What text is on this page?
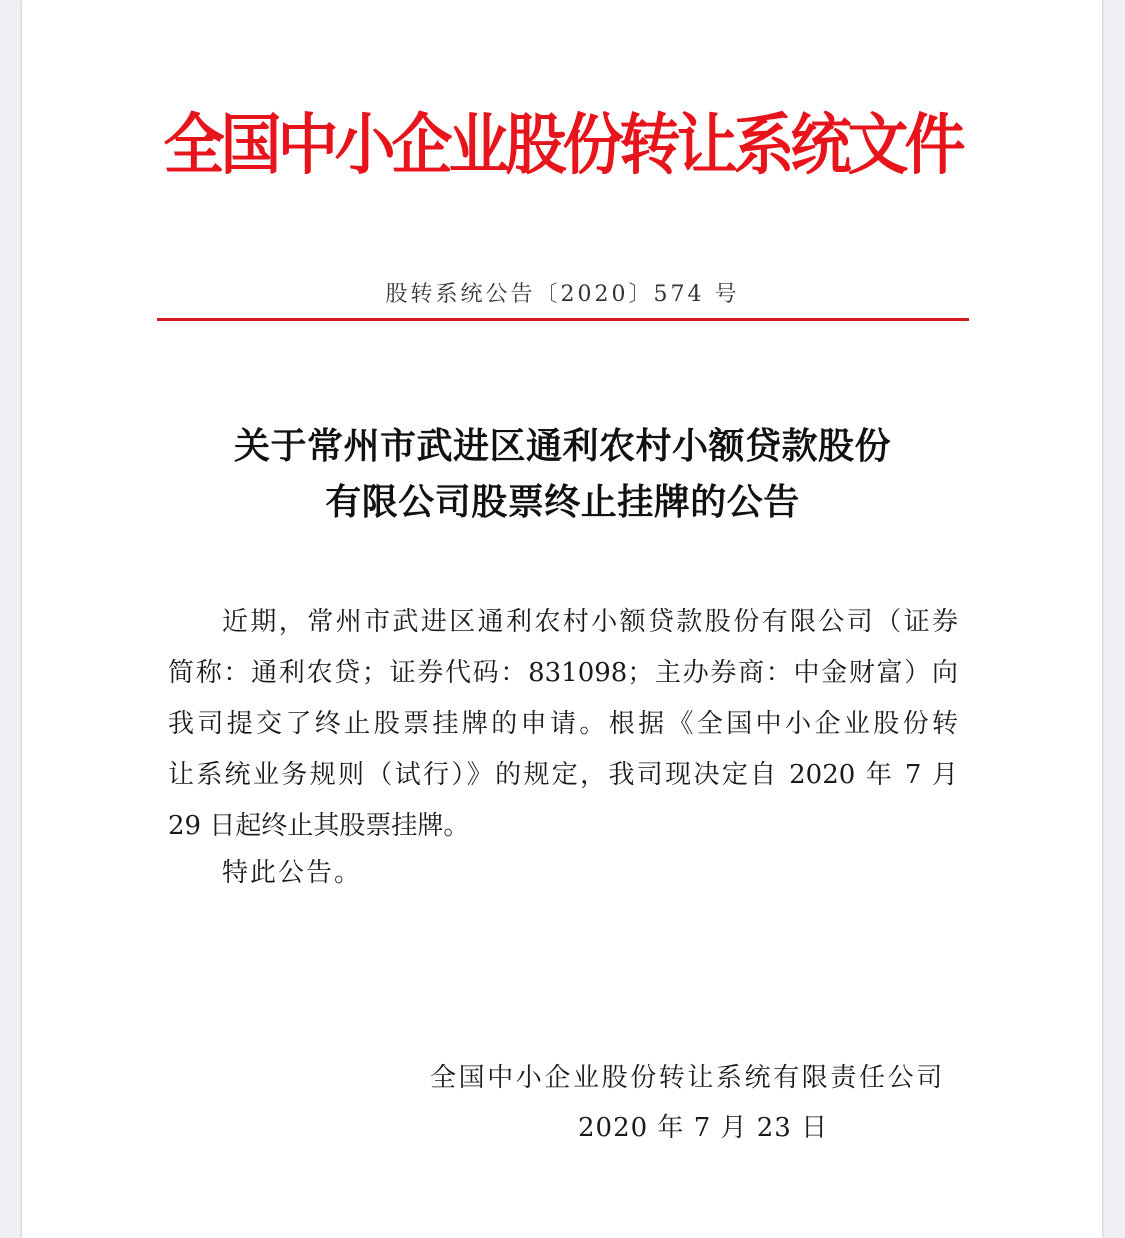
全国中小企业股份转让系统文件
股转系统公告〔2020〕574 号
关于常州市武进区通利农村小额贷款股份
有限公司股票终止挂牌的公告
近期，常州市武进区通利农村小额贷款股份有限公司（证券
简称：通利农贷；证券代码：831098；主办券商：中金财富）向
我司提交了终止股票挂牌的申请。根据《全国中小企业股份转
让系统业务规则（试行）》的规定，我司现决定自 2020 年 7 月
29 日起终止其股票挂牌。
特此公告。
全国中小企业股份转让系统有限责任公司
2020 年 7 月 23 日
